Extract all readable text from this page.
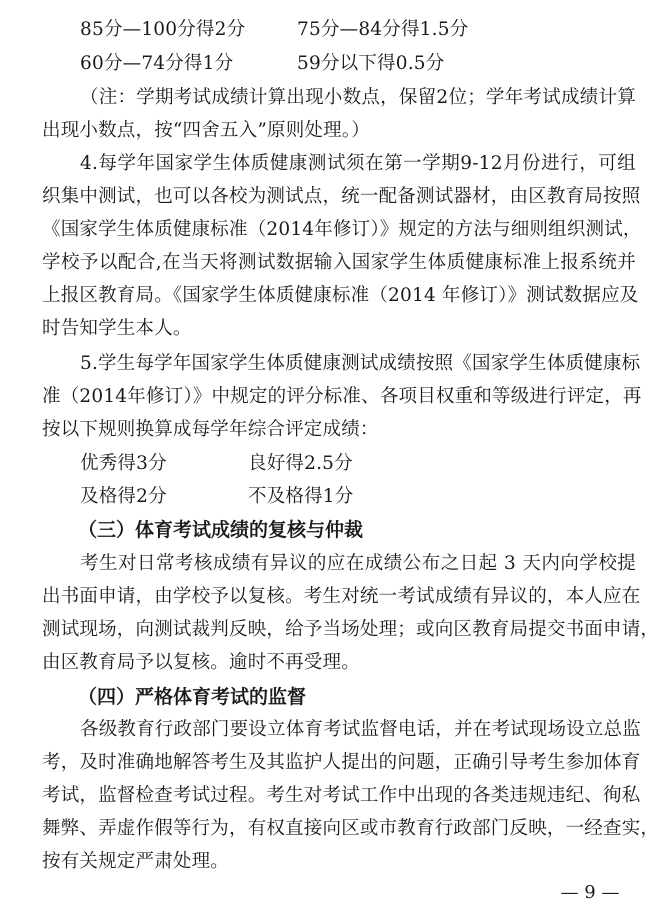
85分—100分得2分	75分—84分得1.5分
60分—74分得1分	59分以下得0.5分
（注：学期考试成绩计算出现小数点，保留2位；学年考试成绩计算
出现小数点，按“四舍五入”原则处理。）
4.每学年国家学生体质健康测试须在第一学期9-12月份进行，可组
织集中测试，也可以各校为测试点，统一配备测试器材，由区教育局按照
《国家学生体质健康标准（2014年修订）》规定的方法与细则组织测试，
学校予以配合,在当天将测试数据输入国家学生体质健康标准上报系统并
上报区教育局。《国家学生体质健康标准（2014 年修订）》测试数据应及
时告知学生本人。
5.学生每学年国家学生体质健康测试成绩按照《国家学生体质健康标
准（2014年修订）》中规定的评分标准、各项目权重和等级进行评定，再
按以下规则换算成每学年综合评定成绩：
优秀得3分	良好得2.5分
及格得2分	不及格得1分
（三）体育考试成绩的复核与仲裁
考生对日常考核成绩有异议的应在成绩公布之日起 3 天内向学校提
出书面申请，由学校予以复核。考生对统一考试成绩有异议的，本人应在
测试现场，向测试裁判反映，给予当场处理；或向区教育局提交书面申请，
由区教育局予以复核。逾时不再受理。
（四）严格体育考试的监督
各级教育行政部门要设立体育考试监督电话，并在考试现场设立总监
考，及时准确地解答考生及其监护人提出的问题，正确引导考生参加体育
考试，监督检查考试过程。考生对考试工作中出现的各类违规违纪、徇私
舞弊、弄虚作假等行为，有权直接向区或市教育行政部门反映，一经查实，
按有关规定严肃处理。
— 9 —
